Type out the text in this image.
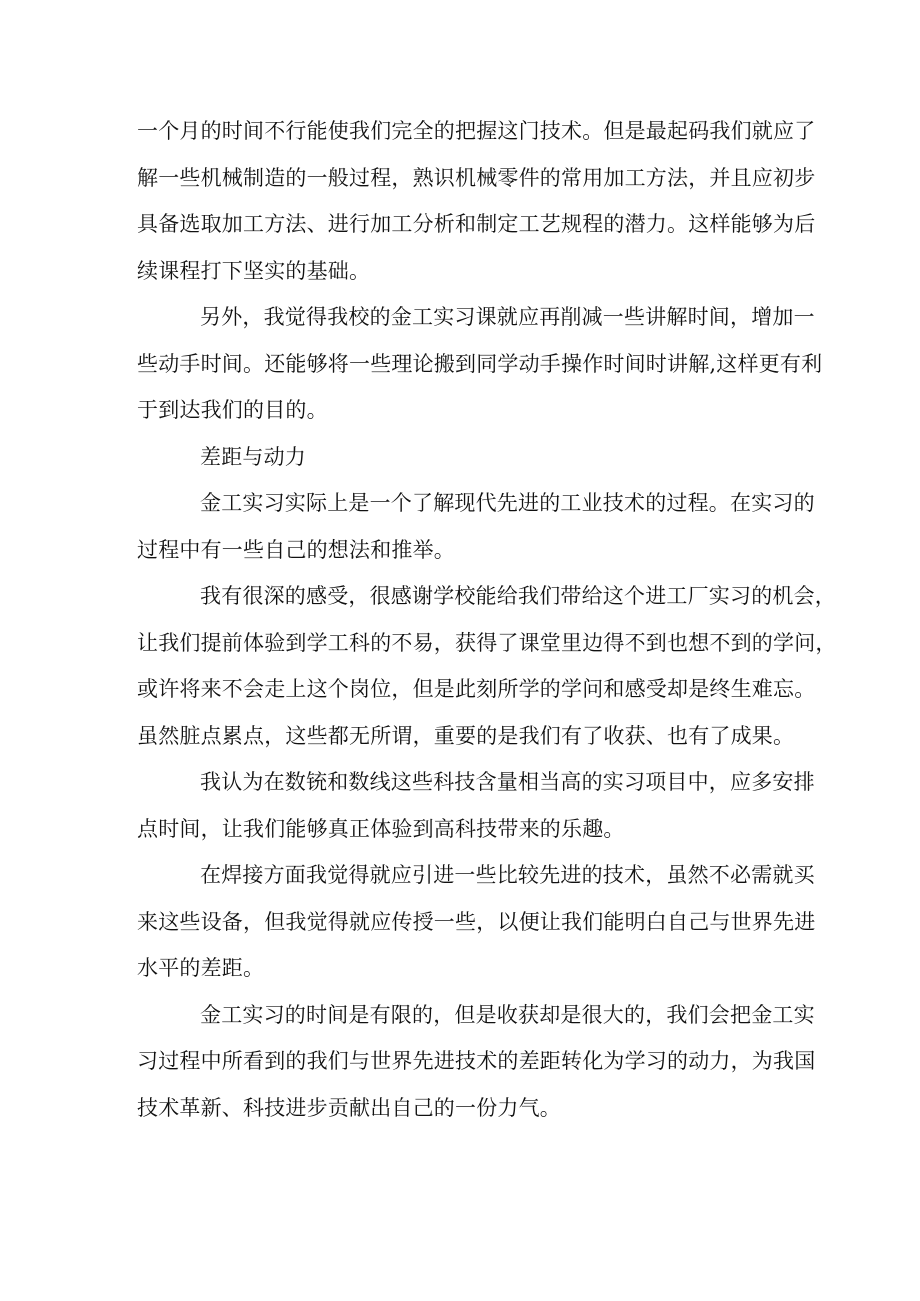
一个月的时间不行能使我们完全的把握这门技术。但是最起码我们就应了
解一些机械制造的一般过程，熟识机械零件的常用加工方法，并且应初步
具备选取加工方法、进行加工分析和制定工艺规程的潜力。这样能够为后
续课程打下坚实的基础。
另外，我觉得我校的金工实习课就应再削减一些讲解时间，增加一
些动手时间。还能够将一些理论搬到同学动手操作时间时讲解,这样更有利
于到达我们的目的。
差距与动力
金工实习实际上是一个了解现代先进的工业技术的过程。在实习的
过程中有一些自己的想法和推举。
我有很深的感受，很感谢学校能给我们带给这个进工厂实习的机会，
让我们提前体验到学工科的不易，获得了课堂里边得不到也想不到的学问，
或许将来不会走上这个岗位，但是此刻所学的学问和感受却是终生难忘。
虽然脏点累点，这些都无所谓，重要的是我们有了收获、也有了成果。
我认为在数铳和数线这些科技含量相当高的实习项目中，应多安排
点时间，让我们能够真正体验到高科技带来的乐趣。
在焊接方面我觉得就应引进一些比较先进的技术，虽然不必需就买
来这些设备，但我觉得就应传授一些，以便让我们能明白自己与世界先进
水平的差距。
金工实习的时间是有限的，但是收获却是很大的，我们会把金工实
习过程中所看到的我们与世界先进技术的差距转化为学习的动力，为我国
技术革新、科技进步贡献出自己的一份力气。
